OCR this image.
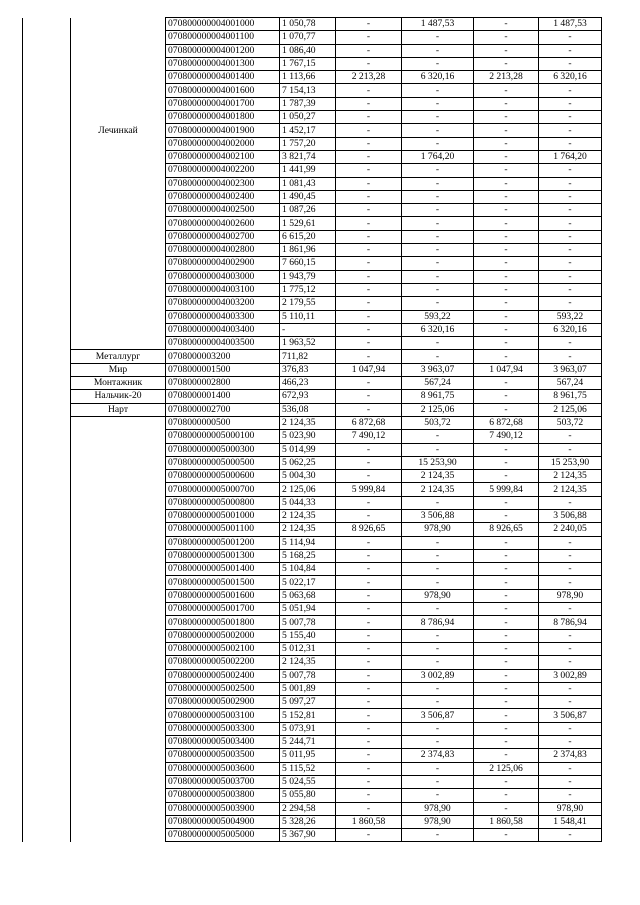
		070800000004001000	1 050,78	-	1 487,53	-	1 487,53
		070800000004001100	1 070,77	-	-	-	-
		070800000004001200	1 086,40	-	-	-	-
		070800000004001300	1 767,15	-	-	-	-
		070800000004001400	1 113,66	2 213,28	6 320,16	2 213,28	6 320,16
		070800000004001600	7 154,13	-	-	-	-
		070800000004001700	1 787,39	-	-	-	-
		070800000004001800	1 050,27	-	-	-	-
	Лечинкай	070800000004001900	1 452,17	-	-	-	-
		070800000004002000	1 757,20	-	-	-	-
		070800000004002100	3 821,74	-	1 764,20	-	1 764,20
		070800000004002200	1 441,99	-	-	-	-
		070800000004002300	1 081,43	-	-	-	-
		070800000004002400	1 490,45	-	-	-	-
		070800000004002500	1 087,26	-	-	-	-
		070800000004002600	1 529,61	-	-	-	-
		070800000004002700	6 615,20	-	-	-	-
		070800000004002800	1 861,96	-	-	-	-
		070800000004002900	7 660,15	-	-	-	-
		070800000004003000	1 943,79	-	-	-	-
		070800000004003100	1 775,12	-	-	-	-
		070800000004003200	2 179,55	-	-	-	-
		070800000004003300	5 110,11	-	593,22	-	593,22
		070800000004003400	-	-	6 320,16	-	6 320,16
		070800000004003500	1 963,52	-	-	-	-
	Металлург	0708000003200	711,82	-	-	-	-
	Мир	0708000001500	376,83	1 047,94	3 963,07	1 047,94	3 963,07
	Монтажник	0708000002800	466,23	-	567,24	-	567,24
	Нальчик-20	0708000001400	672,93	-	8 961,75	-	8 961,75
	Нарт	0708000002700	536,08	-	2 125,06	-	2 125,06
		0708000000500	2 124,35	6 872,68	503,72	6 872,68	503,72
		070800000005000100	5 023,90	7 490,12	-	7 490,12	-
		070800000005000300	5 014,99	-	-	-	-
		070800000005000500	5 062,25	-	15 253,90	-	15 253,90
		070800000005000600	5 004,30	-	2 124,35	-	2 124,35
		070800000005000700	2 125,06	5 999,84	2 124,35	5 999,84	2 124,35
		070800000005000800	5 044,33	-	-	-	-
		070800000005001000	2 124,35	-	3 506,88	-	3 506,88
		070800000005001100	2 124,35	8 926,65	978,90	8 926,65	2 240,05
		070800000005001200	5 114,94	-	-	-	-
		070800000005001300	5 168,25	-	-	-	-
		070800000005001400	5 104,84	-	-	-	-
		070800000005001500	5 022,17	-	-	-	-
		070800000005001600	5 063,68	-	978,90	-	978,90
		070800000005001700	5 051,94	-	-	-	-
		070800000005001800	5 007,78	-	8 786,94	-	8 786,94
		070800000005002000	5 155,40	-	-	-	-
		070800000005002100	5 012,31	-	-	-	-
		070800000005002200	2 124,35	-	-	-	-
		070800000005002400	5 007,78	-	3 002,89	-	3 002,89
		070800000005002500	5 001,89	-	-	-	-
		070800000005002900	5 097,27	-	-	-	-
		070800000005003100	5 152,81	-	3 506,87	-	3 506,87
		070800000005003300	5 073,91	-	-	-	-
		070800000005003400	5 244,71	-	-	-	-
		070800000005003500	5 011,95	-	2 374,83	-	2 374,83
		070800000005003600	5 115,52	-	-	2 125,06	-
		070800000005003700	5 024,55	-	-	-	-
		070800000005003800	5 055,80	-	-	-	-
		070800000005003900	2 294,58	-	978,90	-	978,90
		070800000005004900	5 328,26	1 860,58	978,90	1 860,58	1 548,41
		070800000005005000	5 367,90	-	-	-	-
